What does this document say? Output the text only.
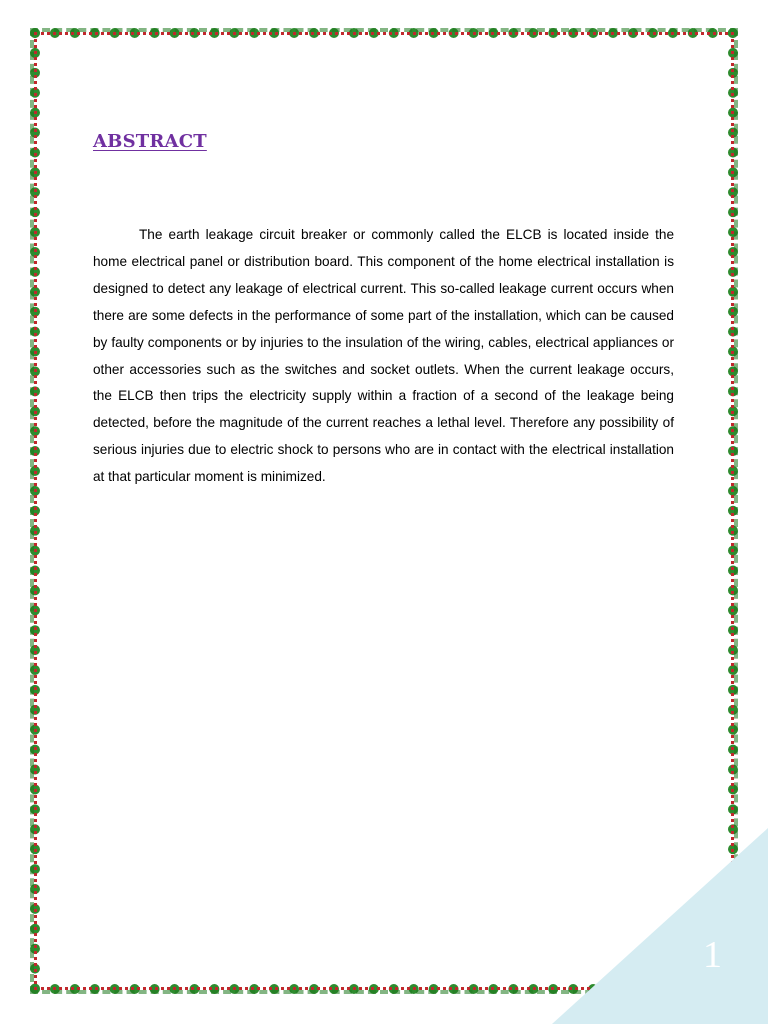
ABSTRACT

The earth leakage circuit breaker or commonly called the ELCB is located inside the home electrical panel or distribution board. This component of the home electrical installation is designed to detect any leakage of electrical current. This so-called leakage current occurs when there are some defects in the performance of some part of the installation, which can be caused by faulty components or by injuries to the insulation of the wiring, cables, electrical appliances or other accessories such as the switches and socket outlets. When the current leakage occurs, the ELCB then trips the electricity supply within a fraction of a second of the leakage being detected, before the magnitude of the current reaches a lethal level. Therefore any possibility of serious injuries due to electric shock to persons who are in contact with the electrical installation at that particular moment is minimized.

1
